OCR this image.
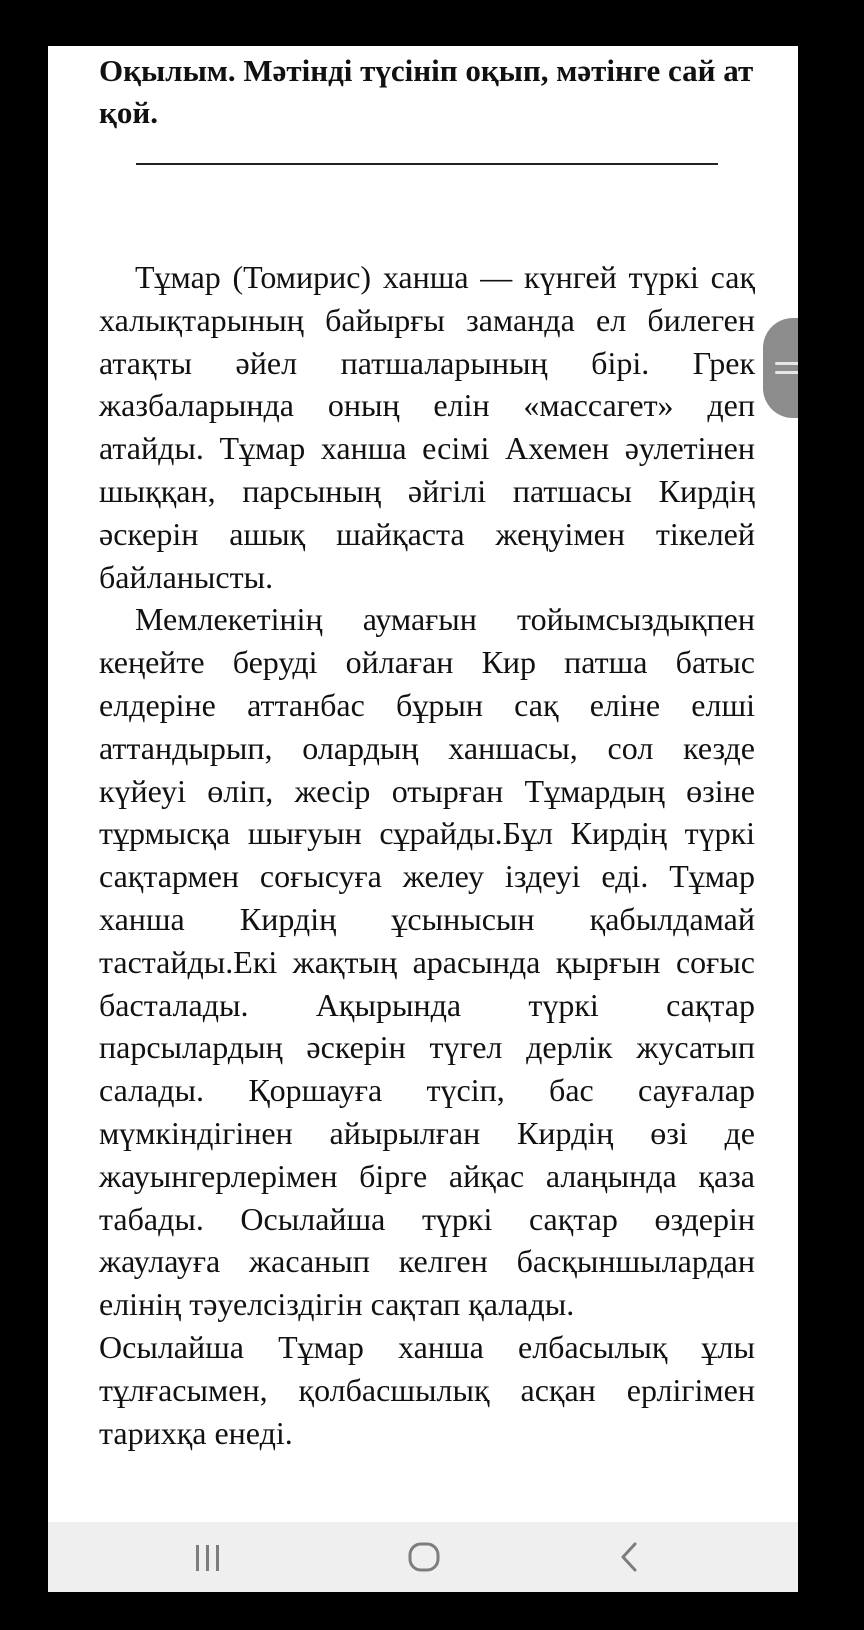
Оқылым. Мәтінді түсініп оқып, мәтінге сай ат қой.

Тұмар (Томирис) ханша — күнгей түркі сақ халықтарының байырғы заманда ел билеген атақты әйел патшаларының бірі. Грек жазбаларында оның елін «массагет» деп атайды. Тұмар ханша есімі Ахемен әулетінен шыққан, парсының әйгілі патшасы Кирдің әскерін ашық шайқаста жеңуімен тікелей байланысты.

Мемлекетінің аумағын тойымсыздықпен кеңейте беруді ойлаған Кир патша батыс елдеріне аттанбас бұрын сақ еліне елші аттандырып, олардың ханшасы, сол кезде күйеуі өліп, жесір отырған Тұмардың өзіне тұрмысқа шығуын сұрайды.Бұл Кирдің түркі сақтармен соғысуға желеу іздеуі еді. Тұмар ханша Кирдің ұсынысын қабылдамай тастайды.Екі жақтың арасында қырғын соғыс басталады. Ақырында түркі сақтар парсылардың әскерін түгел дерлік жусатып салады. Қоршауға түсіп, бас сауғалар мүмкіндігінен айырылған Кирдің өзі де жауынгерлерімен бірге айқас алаңында қаза табады. Осылайша түркі сақтар өздерін жаулауға жасанып келген басқыншылардан елінің тәуелсіздігін сақтап қалады.

Осылайша Тұмар ханша елбасылық ұлы тұлғасымен, қолбасшылық асқан ерлігімен тарихқа енеді.
